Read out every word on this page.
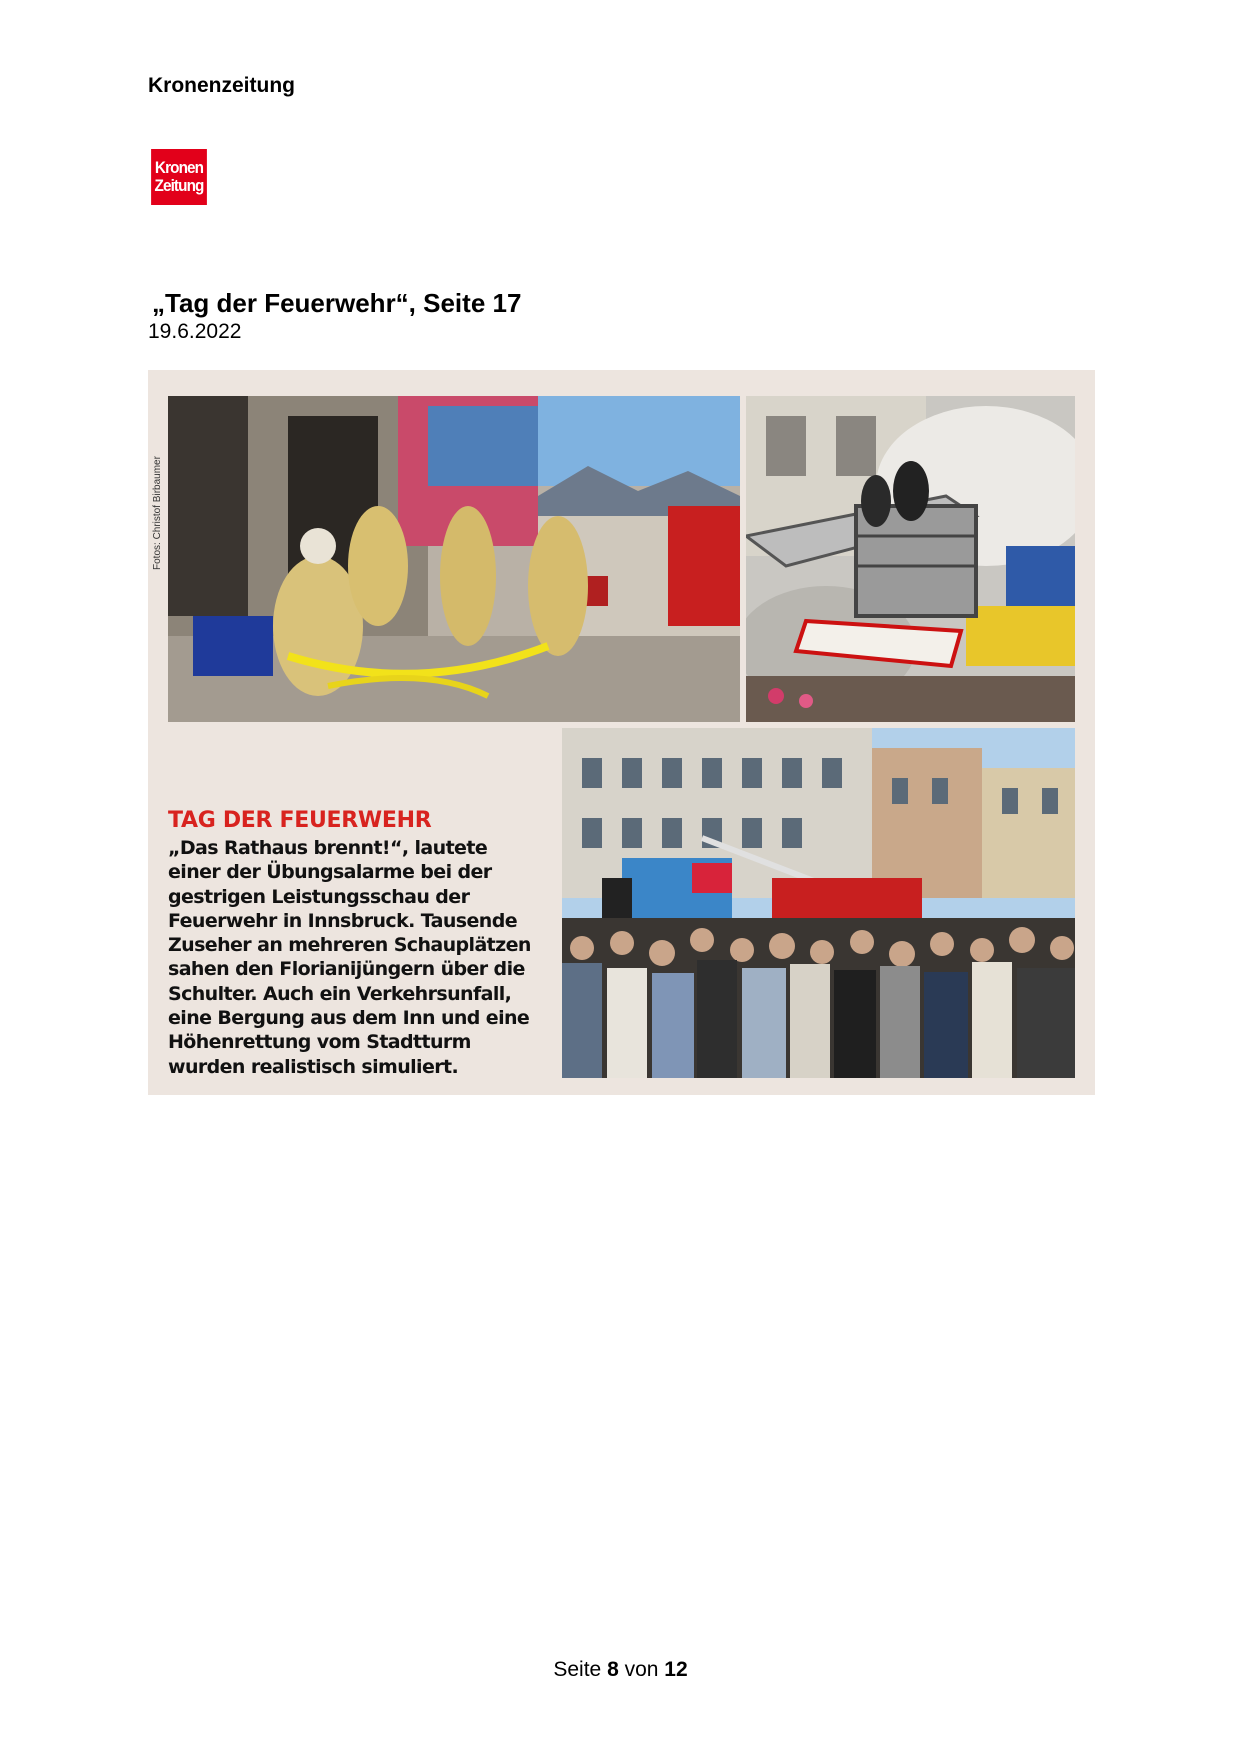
Kronenzeitung
Kronen
Zeitung
„Tag der Feuerwehr“, Seite 17
19.6.2022
Fotos: Christof Birbaumer
TAG DER FEUERWEHR
„Das Rathaus brennt!“, lautete
einer der Übungsalarme bei der
gestrigen Leistungsschau der
Feuerwehr in Innsbruck. Tausende
Zuseher an mehreren Schauplätzen
sahen den Florianijüngern über die
Schulter. Auch ein Verkehrsunfall,
eine Bergung aus dem Inn und eine
Höhenrettung vom Stadtturm
wurden realistisch simuliert.
Seite 8 von 12
